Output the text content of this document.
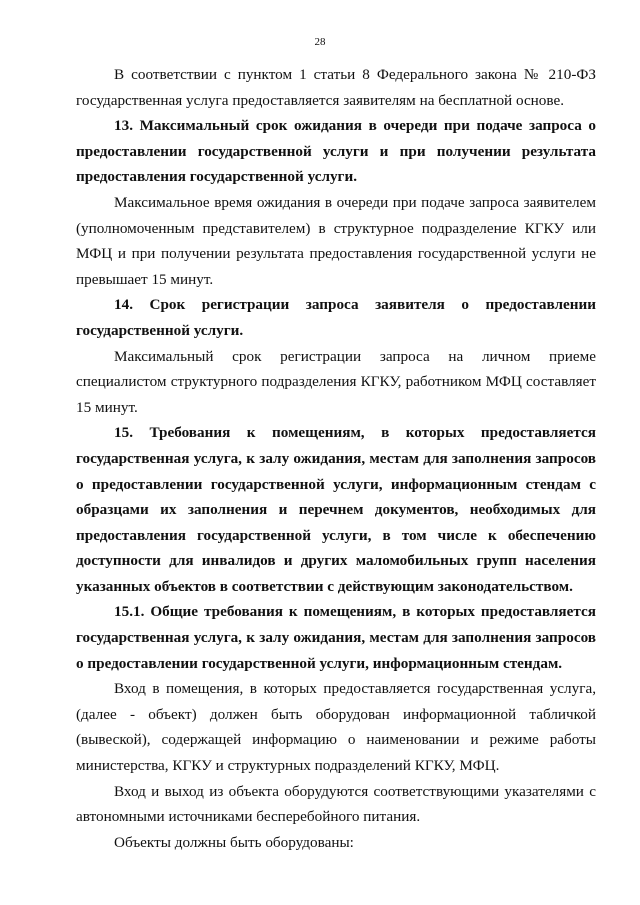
28

В соответствии с пунктом 1 статьи 8 Федерального закона № 210-ФЗ государственная услуга предоставляется заявителям на бесплатной основе.

13. Максимальный срок ожидания в очереди при подаче запроса о предоставлении государственной услуги и при получении результата предоставления государственной услуги.

Максимальное время ожидания в очереди при подаче запроса заявителем (уполномоченным представителем) в структурное подразделение КГКУ или МФЦ и при получении результата предоставления государственной услуги не превышает 15 минут.

14. Срок регистрации запроса заявителя о предоставлении государственной услуги.

Максимальный срок регистрации запроса на личном приеме специалистом структурного подразделения КГКУ, работником МФЦ составляет 15 минут.

15. Требования к помещениям, в которых предоставляется государственная услуга, к залу ожидания, местам для заполнения запросов о предоставлении государственной услуги, информационным стендам с образцами их заполнения и перечнем документов, необходимых для предоставления государственной услуги, в том числе к обеспечению доступности для инвалидов и других маломобильных групп населения указанных объектов в соответствии с действующим законодательством.

15.1. Общие требования к помещениям, в которых предоставляется государственная услуга, к залу ожидания, местам для заполнения запросов о предоставлении государственной услуги, информационным стендам.

Вход в помещения, в которых предоставляется государственная услуга, (далее - объект) должен быть оборудован информационной табличкой (вывеской), содержащей информацию о наименовании и режиме работы министерства, КГКУ и структурных подразделений КГКУ, МФЦ.

Вход и выход из объекта оборудуются соответствующими указателями с автономными источниками бесперебойного питания.

Объекты должны быть оборудованы:
